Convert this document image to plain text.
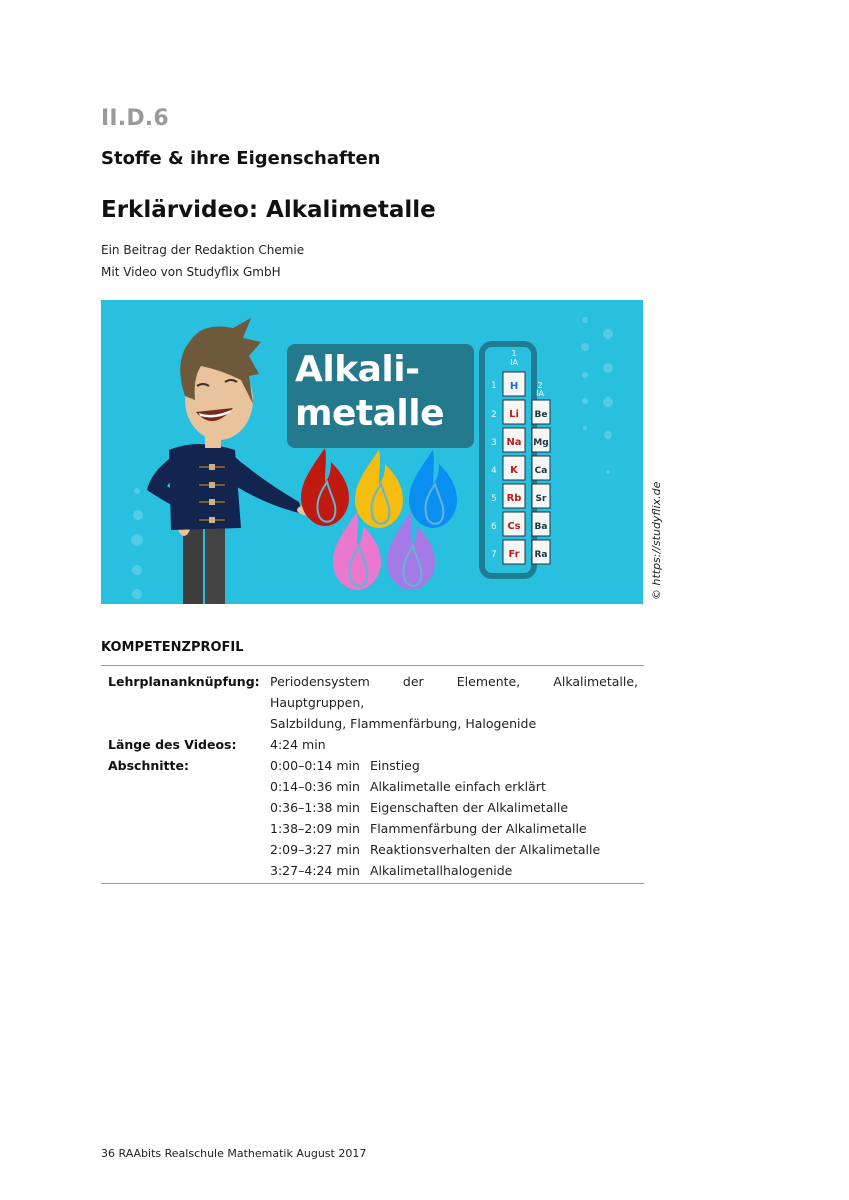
II.D.6
Stoffe & ihre Eigenschaften
Erklärvideo: Alkalimetalle
Ein Beitrag der Redaktion Chemie
Mit Video von Studyflix GmbH
1
IA
2
IA
1
2
3
4
5
6
7
H
Li
Na
K
Rb
Cs
Fr
Be
Mg
Ca
Sr
Ba
Ra
Alkali-
metalle
© https://studyflix.de
KOMPETENZPROFIL
Lehrplananknüpfung: Periodensystem der Elemente, Alkalimetalle, Hauptgruppen,
Salzbildung, Flammenfärbung, Halogenide
Länge des Videos:	4:24 min
Abschnitte:	0:00–0:14 min Einstieg
0:14–0:36 min Alkalimetalle einfach erklärt
0:36–1:38 min Eigenschaften der Alkalimetalle
1:38–2:09 min Flammenfärbung der Alkalimetalle
2:09–3:27 min Reaktionsverhalten der Alkalimetalle
3:27–4:24 min Alkalimetallhalogenide
36 RAAbits Realschule Mathematik August 2017
